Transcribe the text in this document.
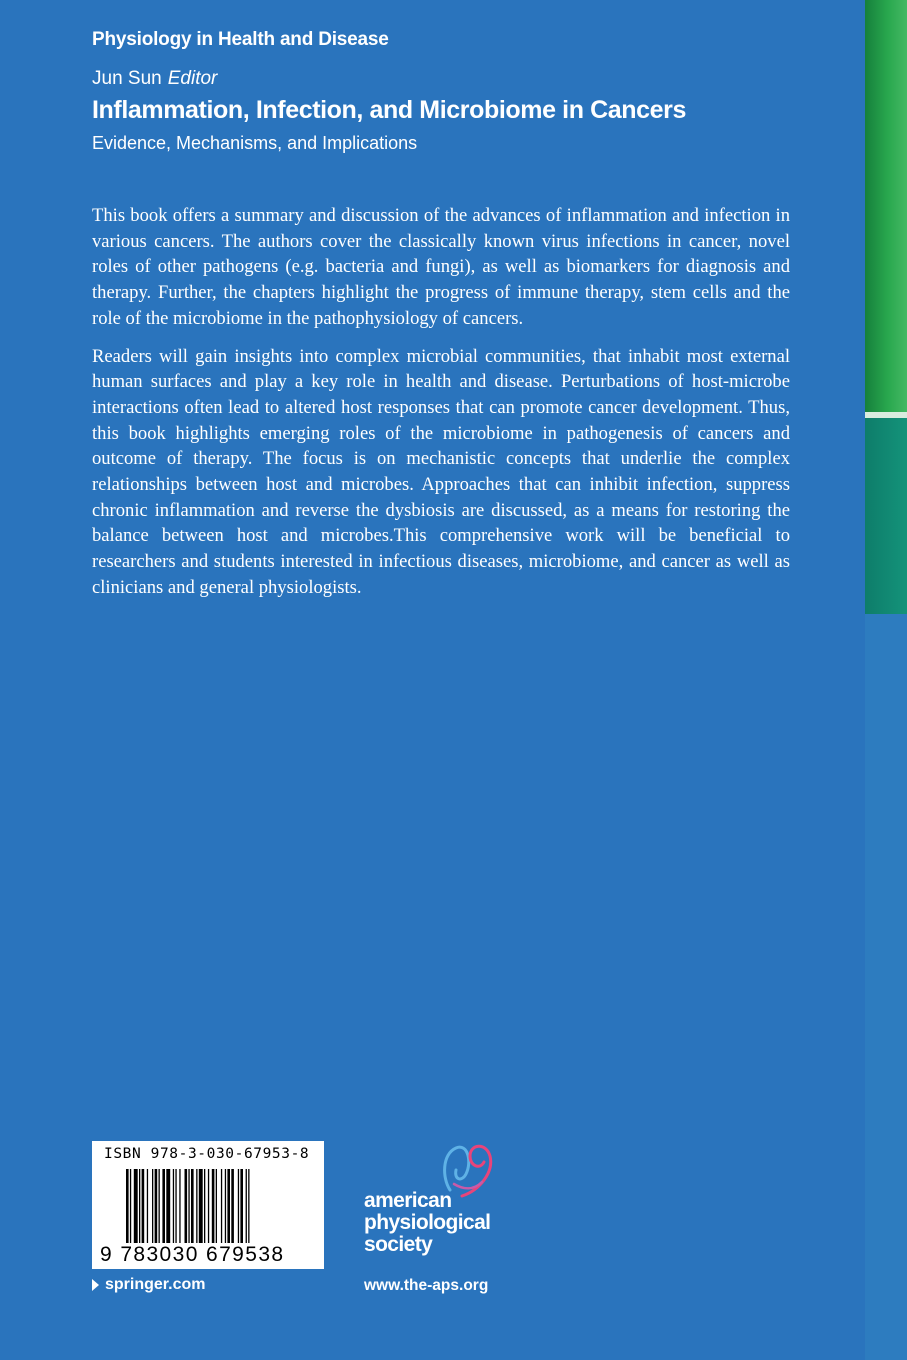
Physiology in Health and Disease
Jun Sun Editor
Inflammation, Infection, and Microbiome in Cancers
Evidence, Mechanisms, and Implications

This book offers a summary and discussion of the advances of inflammation and infection in various cancers. The authors cover the classically known virus infections in cancer, novel roles of other pathogens (e.g. bacteria and fungi), as well as biomarkers for diagnosis and therapy. Further, the chapters highlight the progress of immune therapy, stem cells and the role of the microbiome in the pathophysiology of cancers.

Readers will gain insights into complex microbial communities, that inhabit most external human surfaces and play a key role in health and disease. Perturbations of host-microbe interactions often lead to altered host responses that can promote cancer development. Thus, this book highlights emerging roles of the microbiome in pathogenesis of cancers and outcome of therapy. The focus is on mechanistic concepts that underlie the complex relationships between host and microbes. Approaches that can inhibit infection, suppress chronic inflammation and reverse the dysbiosis are discussed, as a means for restoring the balance between host and microbes.This comprehensive work will be beneficial to researchers and students interested in infectious diseases, microbiome, and cancer as well as clinicians and general physiologists.

ISBN 978-3-030-67953-8
9 783030 679538
springer.com
american
physiological
society
www.the-aps.org
